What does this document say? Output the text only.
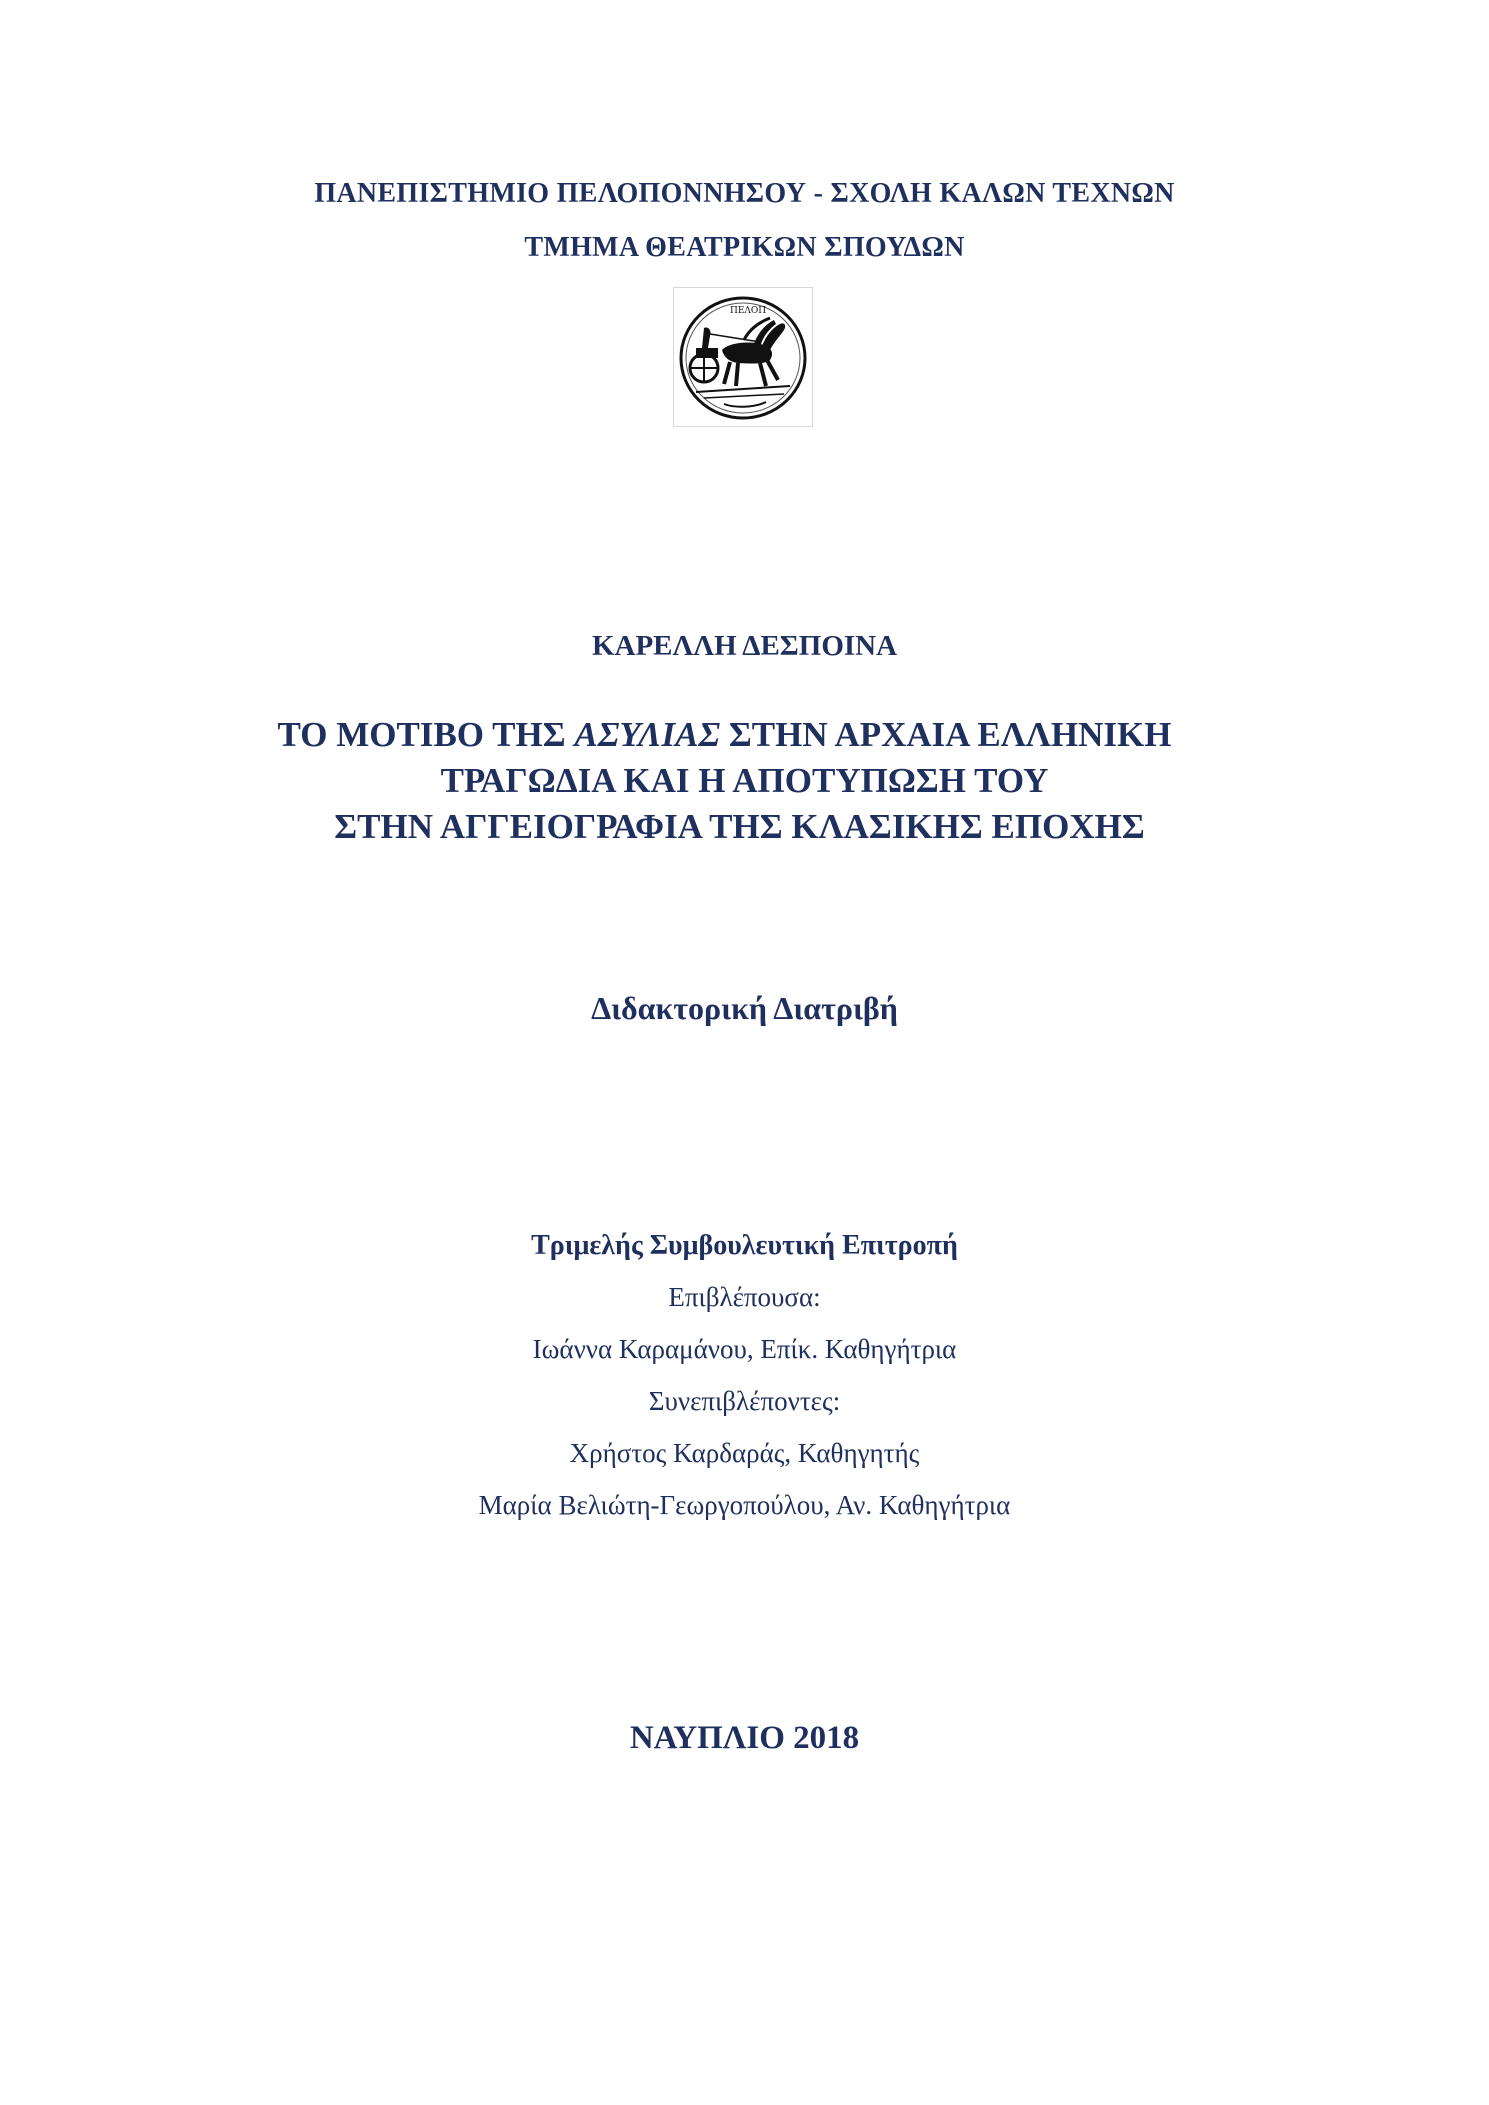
ΠΑΝΕΠΙΣΤΗΜΙΟ ΠΕΛΟΠΟΝΝΗΣΟΥ - ΣΧΟΛΗ ΚΑΛΩΝ ΤΕΧΝΩΝ
ΤΜΗΜΑ ΘΕΑΤΡΙΚΩΝ ΣΠΟΥΔΩΝ
ΠΕΛΟΠ
ΚΑΡΕΛΛΗ ΔΕΣΠΟΙΝΑ
ΤΟ ΜΟΤΙΒΟ ΤΗΣ ΑΣΥΛΙΑΣ ΣΤΗΝ ΑΡΧΑΙΑ ΕΛΛΗΝΙΚΗ
ΤΡΑΓΩΔΙΑ ΚΑΙ Η ΑΠΟΤΥΠΩΣΗ ΤΟΥ
ΣΤΗΝ ΑΓΓΕΙΟΓΡΑΦΙΑ ΤΗΣ ΚΛΑΣΙΚΗΣ ΕΠΟΧΗΣ
Διδακτορική Διατριβή
Τριμελής Συμβουλευτική Επιτροπή
Επιβλέπουσα:
Ιωάννα Καραμάνου, Επίκ. Καθηγήτρια
Συνεπιβλέποντες:
Χρήστος Καρδαράς, Καθηγητής
Μαρία Βελιώτη-Γεωργοπούλου, Αν. Καθηγήτρια
ΝΑΥΠΛΙΟ 2018
